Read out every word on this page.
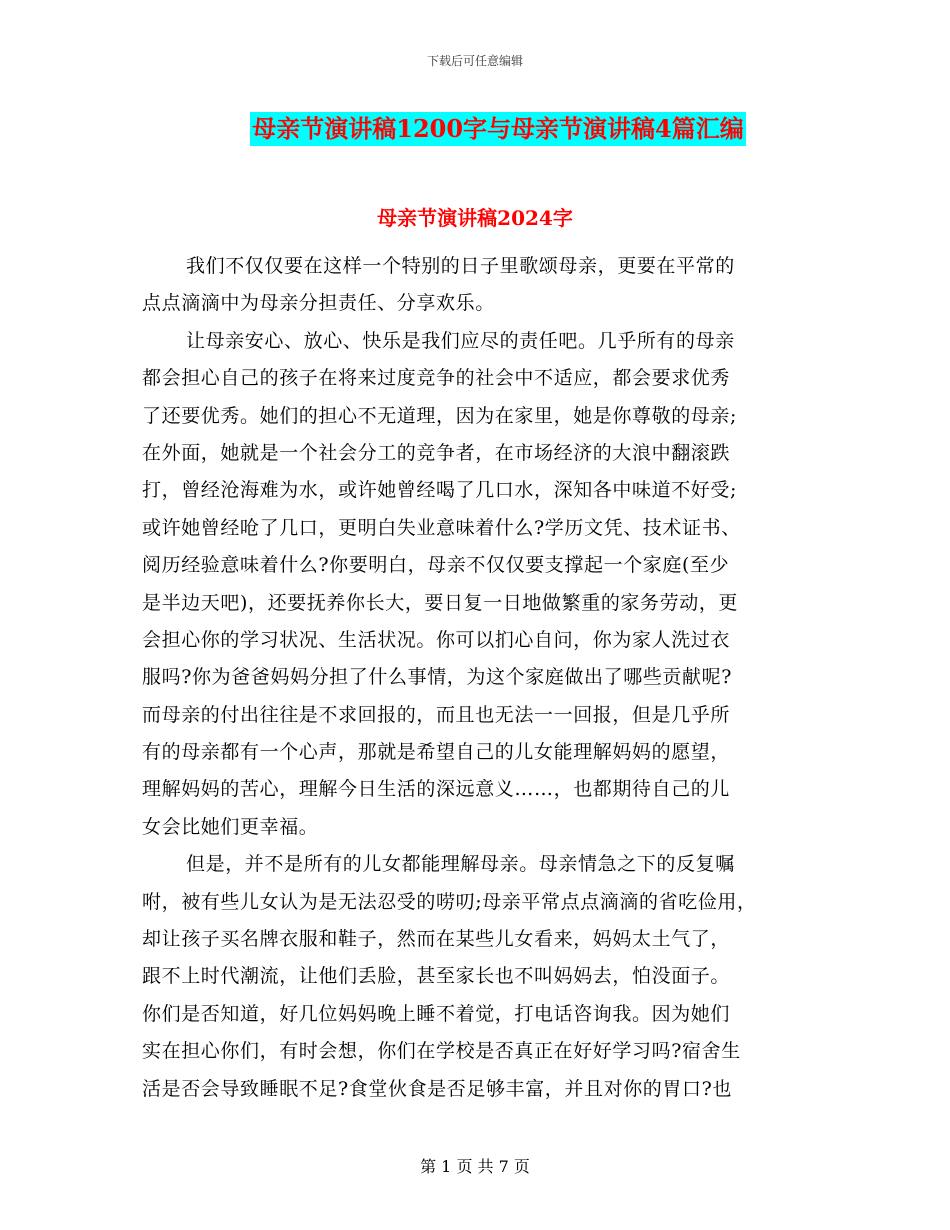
下载后可任意编辑
母亲节演讲稿1200字与母亲节演讲稿4篇汇编
母亲节演讲稿2024字
我们不仅仅要在这样一个特别的日子里歌颂母亲，更要在平常的
点点滴滴中为母亲分担责任、分享欢乐。
让母亲安心、放心、快乐是我们应尽的责任吧。几乎所有的母亲
都会担心自己的孩子在将来过度竞争的社会中不适应，都会要求优秀
了还要优秀。她们的担心不无道理，因为在家里，她是你尊敬的母亲;
在外面，她就是一个社会分工的竞争者，在市场经济的大浪中翻滚跌
打，曾经沧海难为水，或许她曾经喝了几口水，深知各中味道不好受;
或许她曾经呛了几口，更明白失业意味着什么?学历文凭、技术证书、
阅历经验意味着什么?你要明白，母亲不仅仅要支撑起一个家庭(至少
是半边天吧)，还要抚养你长大，要日复一日地做繁重的家务劳动，更
会担心你的学习状况、生活状况。你可以扪心自问，你为家人洗过衣
服吗?你为爸爸妈妈分担了什么事情，为这个家庭做出了哪些贡献呢?
而母亲的付出往往是不求回报的，而且也无法一一回报，但是几乎所
有的母亲都有一个心声，那就是希望自己的儿女能理解妈妈的愿望，
理解妈妈的苦心，理解今日生活的深远意义……，也都期待自己的儿
女会比她们更幸福。
但是，并不是所有的儿女都能理解母亲。母亲情急之下的反复嘱
咐，被有些儿女认为是无法忍受的唠叨;母亲平常点点滴滴的省吃俭用，
却让孩子买名牌衣服和鞋子，然而在某些儿女看来，妈妈太土气了，
跟不上时代潮流，让他们丢脸，甚至家长也不叫妈妈去，怕没面子。
你们是否知道，好几位妈妈晚上睡不着觉，打电话咨询我。因为她们
实在担心你们，有时会想，你们在学校是否真正在好好学习吗?宿舍生
活是否会导致睡眠不足?食堂伙食是否足够丰富，并且对你的胃口?也
第 1 页 共 7 页
